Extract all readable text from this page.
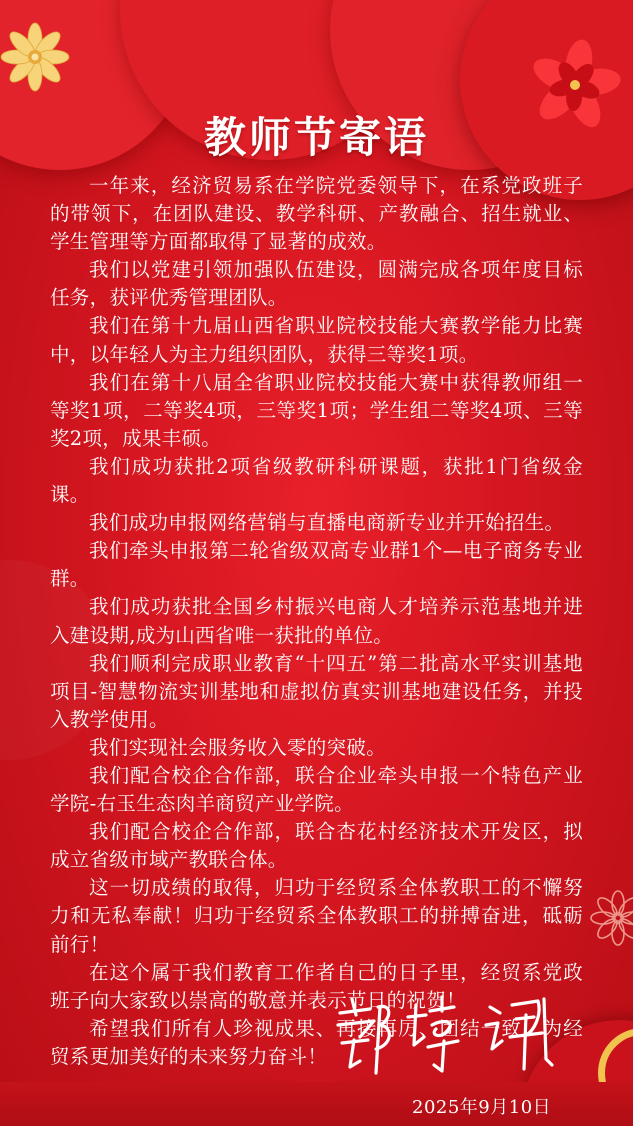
教师节寄语

一年来，经济贸易系在学院党委领导下，在系党政班子的带领下，在团队建设、教学科研、产教融合、招生就业、学生管理等方面都取得了显著的成效。

我们以党建引领加强队伍建设，圆满完成各项年度目标任务，获评优秀管理团队。

我们在第十九届山西省职业院校技能大赛教学能力比赛中，以年轻人为主力组织团队，获得三等奖1项。

我们在第十八届全省职业院校技能大赛中获得教师组一等奖1项，二等奖4项，三等奖1项；学生组二等奖4项、三等奖2项，成果丰硕。

我们成功获批2项省级教研科研课题，获批1门省级金课。

我们成功申报网络营销与直播电商新专业并开始招生。

我们牵头申报第二轮省级双高专业群1个—电子商务专业群。

我们成功获批全国乡村振兴电商人才培养示范基地并进入建设期,成为山西省唯一获批的单位。

我们顺利完成职业教育“十四五”第二批高水平实训基地项目-智慧物流实训基地和虚拟仿真实训基地建设任务，并投入教学使用。

我们实现社会服务收入零的突破。

我们配合校企合作部，联合企业牵头申报一个特色产业学院-右玉生态肉羊商贸产业学院。

我们配合校企合作部，联合杏花村经济技术开发区，拟成立省级市域产教联合体。

这一切成绩的取得，归功于经贸系全体教职工的不懈努力和无私奉献！归功于经贸系全体教职工的拼搏奋进，砥砺前行！

在这个属于我们教育工作者自己的日子里，经贸系党政班子向大家致以崇高的敬意并表示节日的祝贺！

希望我们所有人珍视成果、再接再厉、团结一致，为经贸系更加美好的未来努力奋斗！

2025年9月10日
